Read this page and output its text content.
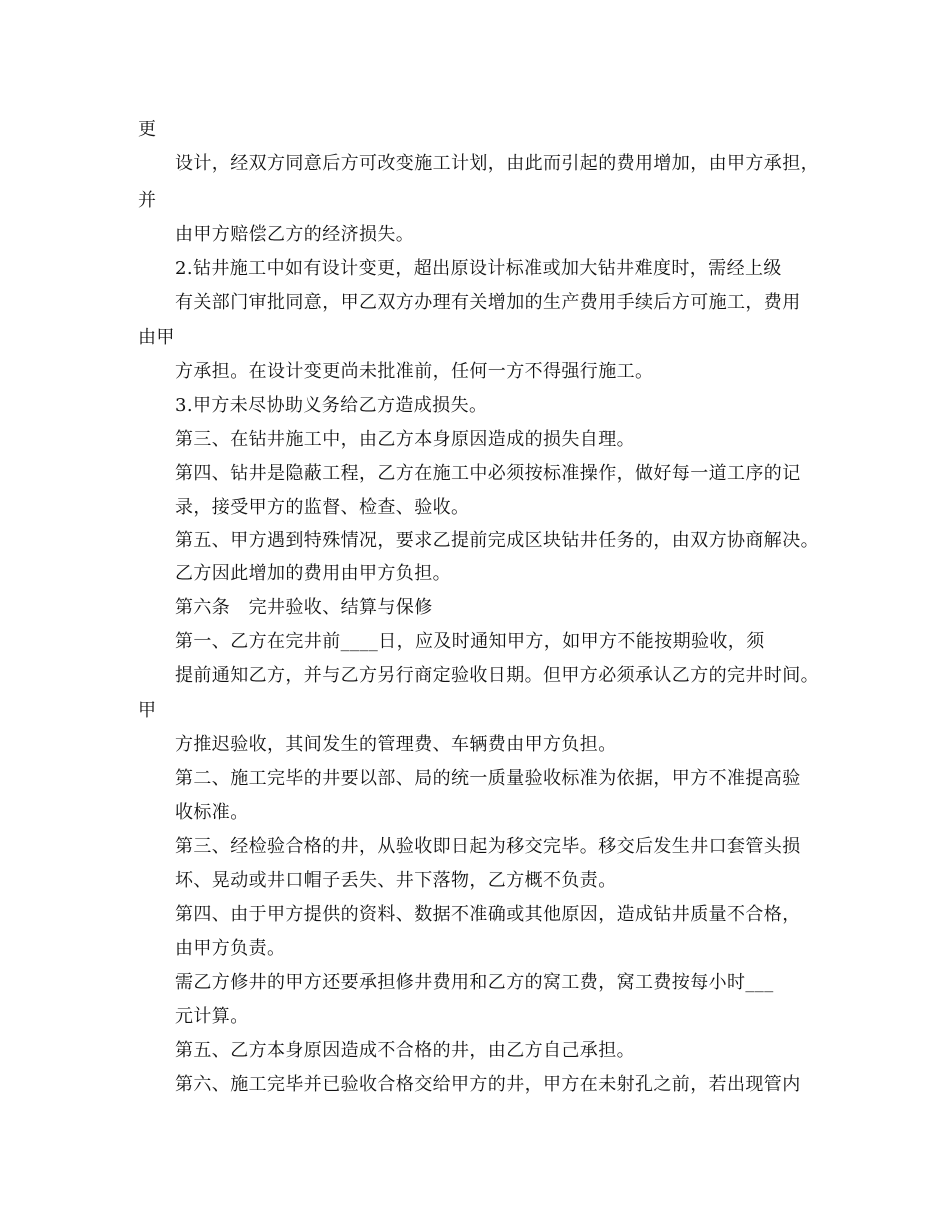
更
设计，经双方同意后方可改变施工计划，由此而引起的费用增加，由甲方承担，
并
由甲方赔偿乙方的经济损失。
2.钻井施工中如有设计变更，超出原设计标准或加大钻井难度时，需经上级
有关部门审批同意，甲乙双方办理有关增加的生产费用手续后方可施工，费用
由甲
方承担。在设计变更尚未批准前，任何一方不得强行施工。
3.甲方未尽协助义务给乙方造成损失。
第三、在钻井施工中，由乙方本身原因造成的损失自理。
第四、钻井是隐蔽工程，乙方在施工中必须按标准操作，做好每一道工序的记
录，接受甲方的监督、检查、验收。
第五、甲方遇到特殊情况，要求乙提前完成区块钻井任务的，由双方协商解决。
乙方因此增加的费用由甲方负担。
第六条　完井验收、结算与保修
第一、乙方在完井前____日，应及时通知甲方，如甲方不能按期验收，须
提前通知乙方，并与乙方另行商定验收日期。但甲方必须承认乙方的完井时间。
甲
方推迟验收，其间发生的管理费、车辆费由甲方负担。
第二、施工完毕的井要以部、局的统一质量验收标准为依据，甲方不准提高验
收标准。
第三、经检验合格的井，从验收即日起为移交完毕。移交后发生井口套管头损
坏、晃动或井口帽子丢失、井下落物，乙方概不负责。
第四、由于甲方提供的资料、数据不准确或其他原因，造成钻井质量不合格，
由甲方负责。
需乙方修井的甲方还要承担修井费用和乙方的窝工费，窝工费按每小时___
元计算。
第五、乙方本身原因造成不合格的井，由乙方自己承担。
第六、施工完毕并已验收合格交给甲方的井，甲方在未射孔之前，若出现管内
